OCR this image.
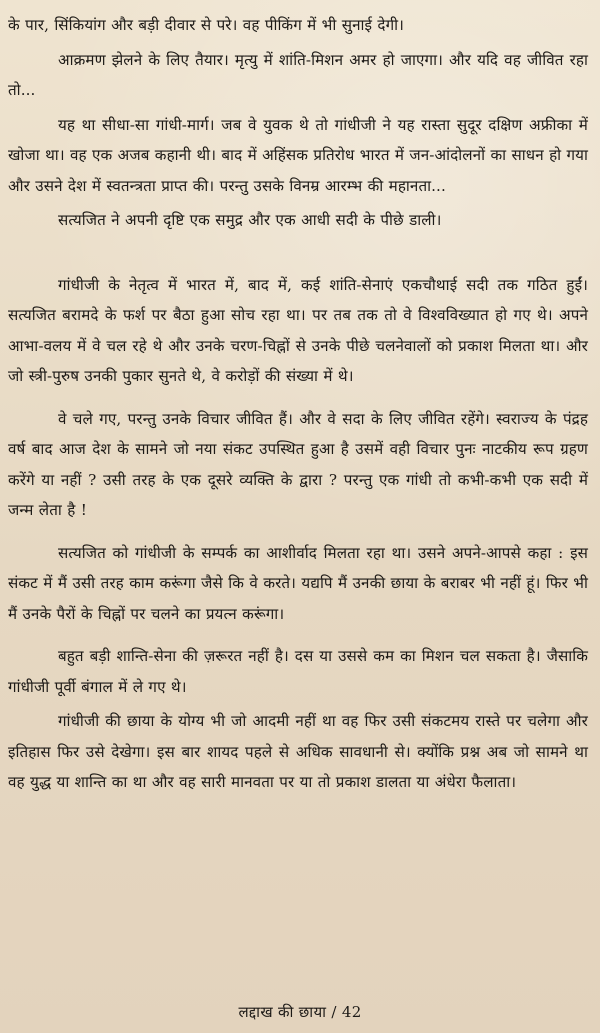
के पार, सिंकियांग और बड़ी दीवार से परे। वह पीकिंग में भी सुनाई देगी।

आक्रमण झेलने के लिए तैयार। मृत्यु में शांति-मिशन अमर हो जाएगा। और यदि वह जीवित रहा तो...

यह था सीधा-सा गांधी-मार्ग। जब वे युवक थे तो गांधीजी ने यह रास्ता सुदूर दक्षिण अफ्रीका में खोजा था। वह एक अजब कहानी थी। बाद में अहिंसक प्रतिरोध भारत में जन-आंदोलनों का साधन हो गया और उसने देश में स्वतन्त्रता प्राप्त की। परन्तु उसके विनम्र आरम्भ की महानता...

सत्यजित ने अपनी दृष्टि एक समुद्र और एक आधी सदी के पीछे डाली।

गांधीजी के नेतृत्व में भारत में, बाद में, कई शांति-सेनाएं एकचौथाई सदी तक गठित हुईं। सत्यजित बरामदे के फर्श पर बैठा हुआ सोच रहा था। पर तब तक तो वे विश्वविख्यात हो गए थे। अपने आभा-वलय में वे चल रहे थे और उनके चरण-चिह्नों से उनके पीछे चलनेवालों को प्रकाश मिलता था। और जो स्त्री-पुरुष उनकी पुकार सुनते थे, वे करोड़ों की संख्या में थे।

वे चले गए, परन्तु उनके विचार जीवित हैं। और वे सदा के लिए जीवित रहेंगे। स्वराज्य के पंद्रह वर्ष बाद आज देश के सामने जो नया संकट उपस्थित हुआ है उसमें वही विचार पुनः नाटकीय रूप ग्रहण करेंगे या नहीं ? उसी तरह के एक दूसरे व्यक्ति के द्वारा ? परन्तु एक गांधी तो कभी-कभी एक सदी में जन्म लेता है !

सत्यजित को गांधीजी के सम्पर्क का आशीर्वाद मिलता रहा था। उसने अपने-आपसे कहा : इस संकट में मैं उसी तरह काम करूंगा जैसे कि वे करते। यद्यपि मैं उनकी छाया के बराबर भी नहीं हूं। फिर भी मैं उनके पैरों के चिह्नों पर चलने का प्रयत्न करूंगा।

बहुत बड़ी शान्ति-सेना की ज़रूरत नहीं है। दस या उससे कम का मिशन चल सकता है। जैसाकि गांधीजी पूर्वी बंगाल में ले गए थे।

गांधीजी की छाया के योग्य भी जो आदमी नहीं था वह फिर उसी संकटमय रास्ते पर चलेगा और इतिहास फिर उसे देखेगा। इस बार शायद पहले से अधिक सावधानी से। क्योंकि प्रश्न अब जो सामने था वह युद्ध या शान्ति का था और वह सारी मानवता पर या तो प्रकाश डालता या अंधेरा फैलाता।

लद्दाख की छाया / 42
